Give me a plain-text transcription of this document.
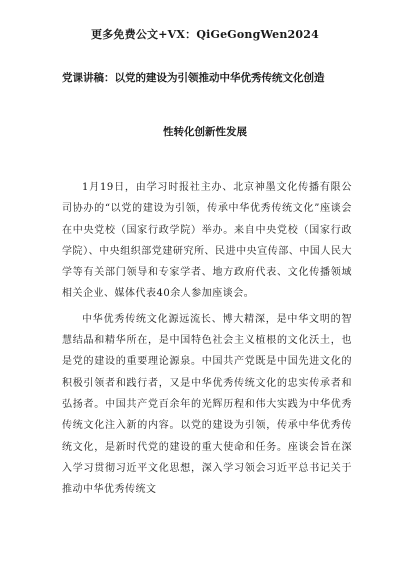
更多免费公文+VX：QiGeGongWen2024
党课讲稿：以党的建设为引领推动中华优秀传统文化创造
性转化创新性发展

1月19日，由学习时报社主办、北京神墨文化传播有限公司协办的“以党的建设为引领，传承中华优秀传统文化”座谈会在中央党校（国家行政学院）举办。来自中央党校（国家行政学院）、中央组织部党建研究所、民进中央宣传部、中国人民大学等有关部门领导和专家学者、地方政府代表、文化传播领域相关企业、媒体代表40余人参加座谈会。

中华优秀传统文化源远流长、博大精深，是中华文明的智慧结晶和精华所在，是中国特色社会主义植根的文化沃土，也是党的建设的重要理论源泉。中国共产党既是中国先进文化的积极引领者和践行者，又是中华优秀传统文化的忠实传承者和弘扬者。中国共产党百余年的光辉历程和伟大实践为中华优秀传统文化注入新的内容。以党的建设为引领，传承中华优秀传统文化，是新时代党的建设的重大使命和任务。座谈会旨在深入学习贯彻习近平文化思想，深入学习领会习近平总书记关于推动中华优秀传统文
